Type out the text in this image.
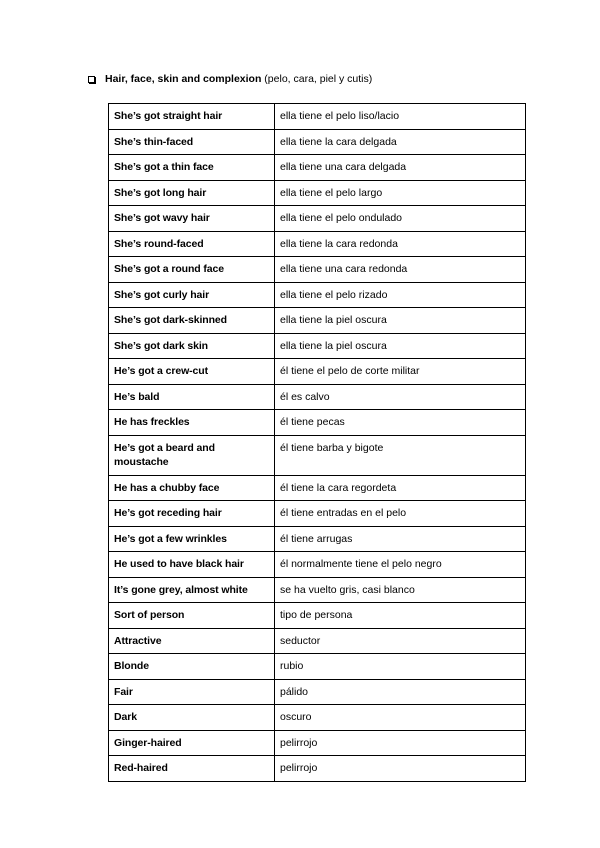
Hair, face, skin and complexion (pelo, cara, piel y cutis)
She’s got straight hair	ella tiene el pelo liso/lacio
She’s thin-faced	ella tiene la cara delgada
She’s got a thin face	ella tiene una cara delgada
She’s got long hair	ella tiene el pelo largo
She’s got wavy hair	ella tiene el pelo ondulado
She’s round-faced	ella tiene la cara redonda
She’s got a round face	ella tiene una cara redonda
She’s got curly hair	ella tiene el pelo rizado
She’s got dark-skinned	ella tiene la piel oscura
She’s got dark skin	ella tiene la piel oscura
He’s got a crew-cut	él tiene el pelo de corte militar
He’s bald	él es calvo
He has freckles	él tiene pecas
He’s got a beard and moustache	él tiene barba y bigote
He has a chubby face	él tiene la cara regordeta
He’s got receding hair	él tiene entradas en el pelo
He’s got a few wrinkles	él tiene arrugas
He used to have black hair	él normalmente tiene el pelo negro
It’s gone grey, almost white	se ha vuelto gris, casi blanco
Sort of person	tipo de persona
Attractive	seductor
Blonde	rubio
Fair	pálido
Dark	oscuro
Ginger-haired	pelirrojo
Red-haired	pelirrojo
